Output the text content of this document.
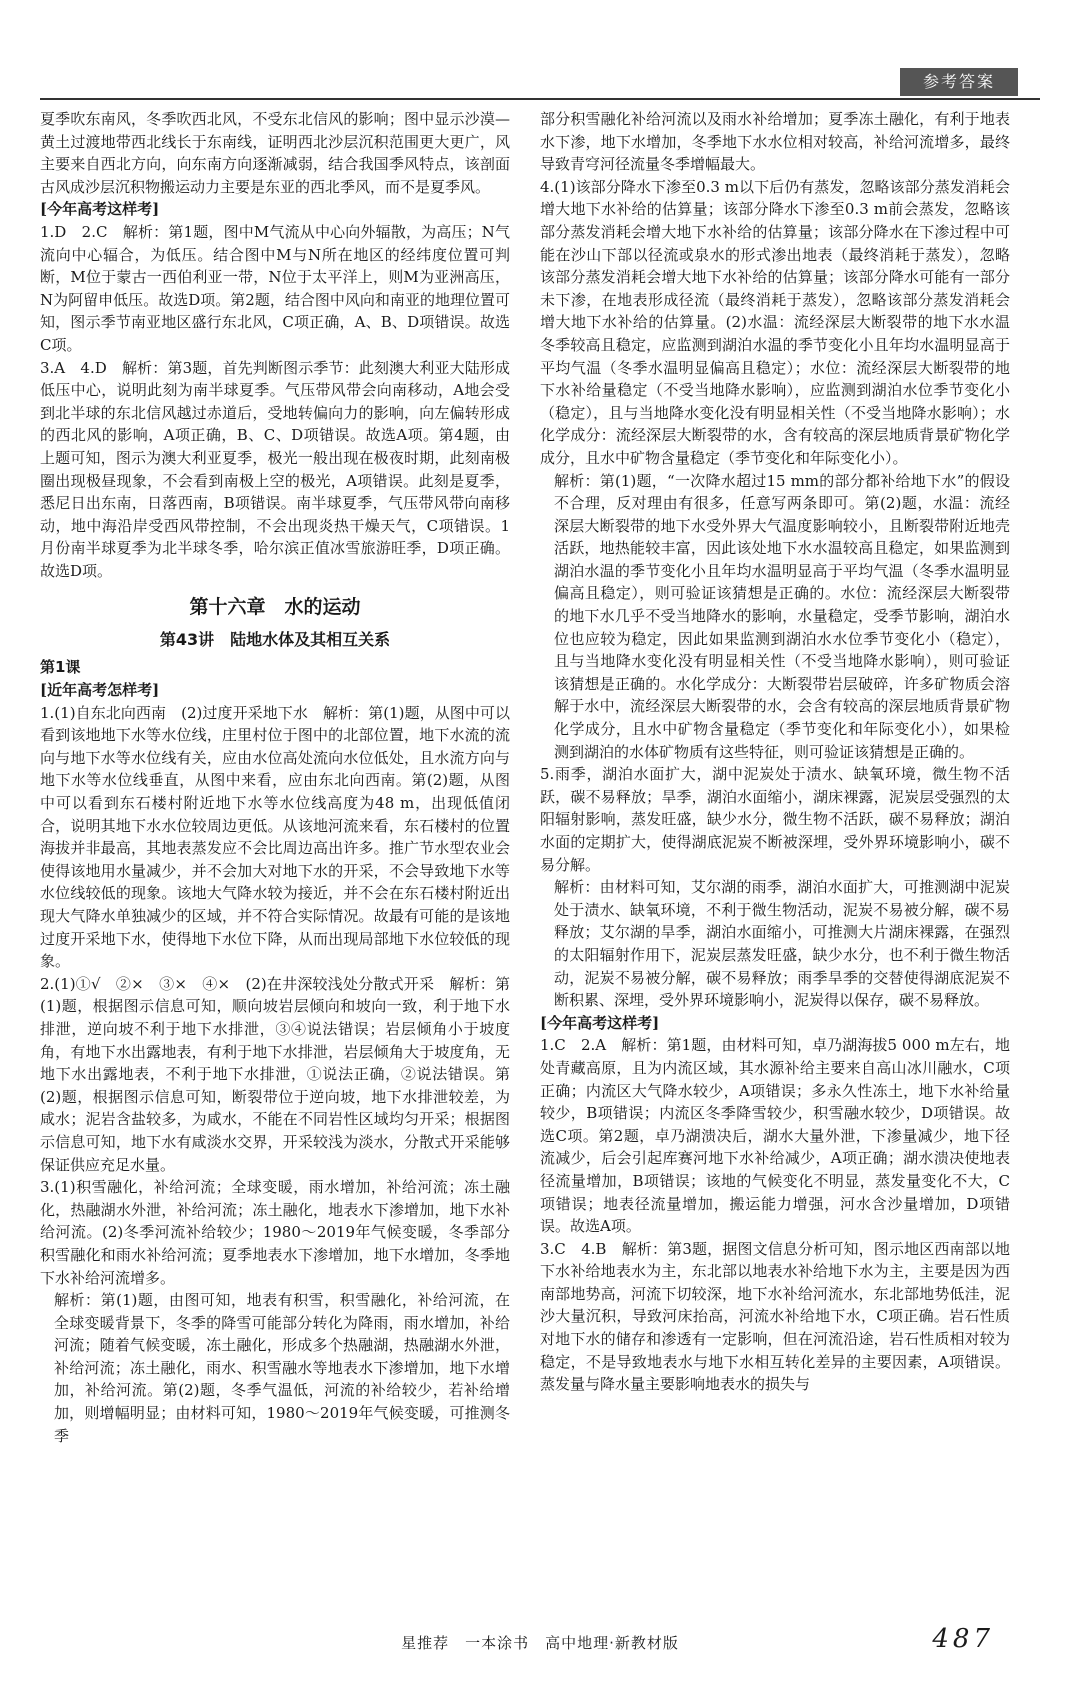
参考答案

夏季吹东南风，冬季吹西北风，不受东北信风的影响；图中显示沙漠—黄土过渡地带西北线长于东南线，证明西北沙层沉积范围更大更广，风主要来自西北方向，向东南方向逐渐减弱，结合我国季风特点，该剖面古风成沙层沉积物搬运动力主要是东亚的西北季风，而不是夏季风。

[今年高考这样考]

1.D　2.C　解析：第1题，图中M气流从中心向外辐散，为高压；N气流向中心辐合，为低压。结合图中M与N所在地区的经纬度位置可判断，M位于蒙古一西伯利亚一带，N位于太平洋上，则M为亚洲高压，N为阿留申低压。故选D项。第2题，结合图中风向和南亚的地理位置可知，图示季节南亚地区盛行东北风，C项正确，A、B、D项错误。故选C项。

3.A　4.D　解析：第3题，首先判断图示季节：此刻澳大利亚大陆形成低压中心，说明此刻为南半球夏季。气压带风带会向南移动，A地会受到北半球的东北信风越过赤道后，受地转偏向力的影响，向左偏转形成的西北风的影响，A项正确，B、C、D项错误。故选A项。第4题，由上题可知，图示为澳大利亚夏季，极光一般出现在极夜时期，此刻南极圈出现极昼现象，不会看到南极上空的极光，A项错误。此刻是夏季，悉尼日出东南，日落西南，B项错误。南半球夏季，气压带风带向南移动，地中海沿岸受西风带控制，不会出现炎热干燥天气，C项错误。1月份南半球夏季为北半球冬季，哈尔滨正值冰雪旅游旺季，D项正确。故选D项。

第十六章　水的运动
第43讲　陆地水体及其相互关系

第1课

[近年高考怎样考]

1.(1)自东北向西南　(2)过度开采地下水　解析：第(1)题，从图中可以看到该地地下水等水位线，庄里村位于图中的北部位置，地下水流的流向与地下水等水位线有关，应由水位高处流向水位低处，且水流方向与地下水等水位线垂直，从图中来看，应由东北向西南。第(2)题，从图中可以看到东石楼村附近地下水等水位线高度为48 m，出现低值闭合，说明其地下水水位较周边更低。从该地河流来看，东石楼村的位置海拔并非最高，其地表蒸发应不会比周边高出许多。推广节水型农业会使得该地用水量减少，并不会加大对地下水的开采，不会导致地下水等水位线较低的现象。该地大气降水较为接近，并不会在东石楼村附近出现大气降水单独减少的区域，并不符合实际情况。故最有可能的是该地过度开采地下水，使得地下水位下降，从而出现局部地下水位较低的现象。

2.(1)①√　②×　③×　④×　(2)在井深较浅处分散式开采　解析：第(1)题，根据图示信息可知，顺向坡岩层倾向和坡向一致，利于地下水排泄，逆向坡不利于地下水排泄，③④说法错误；岩层倾角小于坡度角，有地下水出露地表，有利于地下水排泄，岩层倾角大于坡度角，无地下水出露地表，不利于地下水排泄，①说法正确，②说法错误。第(2)题，根据图示信息可知，断裂带位于逆向坡，地下水排泄较差，为咸水；泥岩含盐较多，为咸水，不能在不同岩性区域均匀开采；根据图示信息可知，地下水有咸淡水交界，开采较浅为淡水，分散式开采能够保证供应充足水量。

3.(1)积雪融化，补给河流；全球变暖，雨水增加，补给河流；冻土融化，热融湖水外泄，补给河流；冻土融化，地表水下渗增加，地下水补给河流。(2)冬季河流补给较少；1980～2019年气候变暖，冬季部分积雪融化和雨水补给河流；夏季地表水下渗增加，地下水增加，冬季地下水补给河流增多。

解析：第(1)题，由图可知，地表有积雪，积雪融化，补给河流，在全球变暖背景下，冬季的降雪可能部分转化为降雨，雨水增加，补给河流；随着气候变暖，冻土融化，形成多个热融湖，热融湖水外泄，补给河流；冻土融化，雨水、积雪融水等地表水下渗增加，地下水增加，补给河流。第(2)题，冬季气温低，河流的补给较少，若补给增加，则增幅明显；由材料可知，1980～2019年气候变暖，可推测冬季

部分积雪融化补给河流以及雨水补给增加；夏季冻土融化，有利于地表水下渗，地下水增加，冬季地下水水位相对较高，补给河流增多，最终导致青穹河径流量冬季增幅最大。

4.(1)该部分降水下渗至0.3 m以下后仍有蒸发，忽略该部分蒸发消耗会增大地下水补给的估算量；该部分降水下渗至0.3 m前会蒸发，忽略该部分蒸发消耗会增大地下水补给的估算量；该部分降水在下渗过程中可能在沙山下部以径流或泉水的形式渗出地表（最终消耗于蒸发），忽略该部分蒸发消耗会增大地下水补给的估算量；该部分降水可能有一部分未下渗，在地表形成径流（最终消耗于蒸发），忽略该部分蒸发消耗会增大地下水补给的估算量。(2)水温：流经深层大断裂带的地下水水温冬季较高且稳定，应监测到湖泊水温的季节变化小且年均水温明显高于平均气温（冬季水温明显偏高且稳定）；水位：流经深层大断裂带的地下水补给量稳定（不受当地降水影响），应监测到湖泊水位季节变化小（稳定），且与当地降水变化没有明显相关性（不受当地降水影响）；水化学成分：流经深层大断裂带的水，含有较高的深层地质背景矿物化学成分，且水中矿物含量稳定（季节变化和年际变化小）。

解析：第(1)题，“一次降水超过15 mm的部分都补给地下水”的假设不合理，反对理由有很多，任意写两条即可。第(2)题，水温：流经深层大断裂带的地下水受外界大气温度影响较小，且断裂带附近地壳活跃，地热能较丰富，因此该处地下水水温较高且稳定，如果监测到湖泊水温的季节变化小且年均水温明显高于平均气温（冬季水温明显偏高且稳定），则可验证该猜想是正确的。水位：流经深层大断裂带的地下水几乎不受当地降水的影响，水量稳定，受季节影响，湖泊水位也应较为稳定，因此如果监测到湖泊水水位季节变化小（稳定），且与当地降水变化没有明显相关性（不受当地降水影响），则可验证该猜想是正确的。水化学成分：大断裂带岩层破碎，许多矿物质会溶解于水中，流经深层大断裂带的水，会含有较高的深层地质背景矿物化学成分，且水中矿物含量稳定（季节变化和年际变化小），如果检测到湖泊的水体矿物质有这些特征，则可验证该猜想是正确的。

5.雨季，湖泊水面扩大，湖中泥炭处于渍水、缺氧环境，微生物不活跃，碳不易释放；旱季，湖泊水面缩小，湖床裸露，泥炭层受强烈的太阳辐射影响，蒸发旺盛，缺少水分，微生物不活跃，碳不易释放；湖泊水面的定期扩大，使得湖底泥炭不断被深埋，受外界环境影响小，碳不易分解。

解析：由材料可知，艾尔湖的雨季，湖泊水面扩大，可推测湖中泥炭处于渍水、缺氧环境，不利于微生物活动，泥炭不易被分解，碳不易释放；艾尔湖的旱季，湖泊水面缩小，可推测大片湖床裸露，在强烈的太阳辐射作用下，泥炭层蒸发旺盛，缺少水分，也不利于微生物活动，泥炭不易被分解，碳不易释放；雨季旱季的交替使得湖底泥炭不断积累、深埋，受外界环境影响小，泥炭得以保存，碳不易释放。

[今年高考这样考]

1.C　2.A　解析：第1题，由材料可知，卓乃湖海拔5 000 m左右，地处青藏高原，且为内流区域，其水源补给主要来自高山冰川融水，C项正确；内流区大气降水较少，A项错误；多永久性冻土，地下水补给量较少，B项错误；内流区冬季降雪较少，积雪融水较少，D项错误。故选C项。第2题，卓乃湖溃决后，湖水大量外泄，下渗量减少，地下径流减少，后会引起库赛河地下水补给减少，A项正确；湖水溃决使地表径流量增加，B项错误；该地的气候变化不明显，蒸发量变化不大，C项错误；地表径流量增加，搬运能力增强，河水含沙量增加，D项错误。故选A项。

3.C　4.B　解析：第3题，据图文信息分析可知，图示地区西南部以地下水补给地表水为主，东北部以地表水补给地下水为主，主要是因为西南部地势高，河流下切较深，地下水补给河流水，东北部地势低洼，泥沙大量沉积，导致河床抬高，河流水补给地下水，C项正确。岩石性质对地下水的储存和渗透有一定影响，但在河流沿途，岩石性质相对较为稳定，不是导致地表水与地下水相互转化差异的主要因素，A项错误。蒸发量与降水量主要影响地表水的损失与

星推荐　一本涂书　高中地理·新教材版	487
